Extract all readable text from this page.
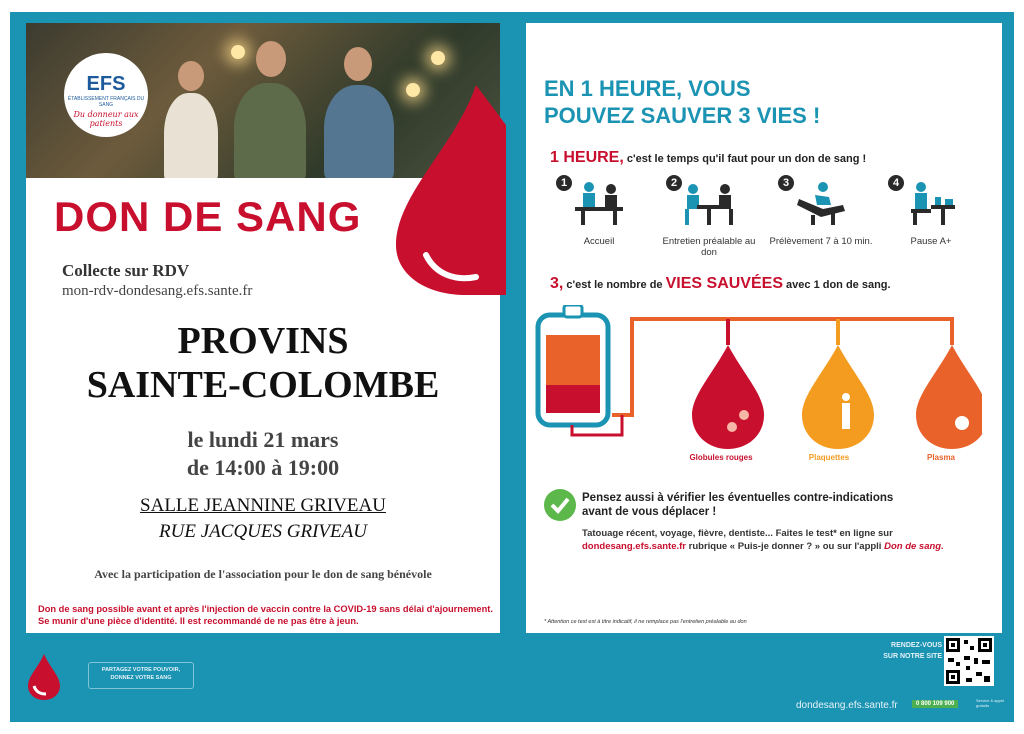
EFS
ÉTABLISSEMENT FRANÇAIS DU SANG
Du donneur aux patients
DON DE SANG
Collecte sur RDV
mon-rdv-dondesang.efs.sante.fr
PROVINS
SAINTE-COLOMBE
le lundi 21 mars
de 14:00 à 19:00
SALLE JEANNINE GRIVEAU
RUE JACQUES GRIVEAU
Avec la participation de l'association pour le don de sang bénévole
Don de sang possible avant et après l'injection de vaccin contre la COVID-19 sans délai d'ajournement.
Se munir d'une pièce d'identité. Il est recommandé de ne pas être à jeun.
EN 1 HEURE, VOUS
POUVEZ SAUVER 3 VIES !
1 HEURE, c'est le temps qu'il faut pour un don de sang !
1
Accueil
2
Entretien préalable au don
3
Prélèvement 7 à 10 min.
4
Pause A+
3, c'est le nombre de VIES SAUVÉES avec 1 don de sang.
Globules rouges	Plaquettes	Plasma
Pensez aussi à vérifier les éventuelles contre-indications
avant de vous déplacer !
Tatouage récent, voyage, fièvre, dentiste... Faites le test* en ligne sur
dondesang.efs.sante.fr rubrique « Puis-je donner ? » ou sur l'appli Don de sang.
* Attention ce test est à titre indicatif, il ne remplace pas l'entretien préalable au don
PARTAGEZ VOTRE POUVOIR,
DONNEZ VOTRE SANG
RENDEZ-VOUS
SUR NOTRE SITE
dondesang.efs.sante.fr	0 800 109 900
Service & appel gratuits
